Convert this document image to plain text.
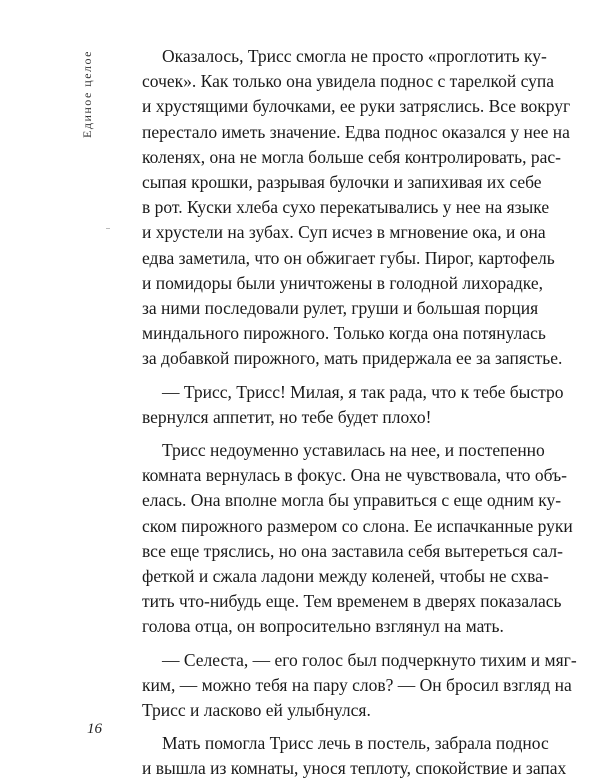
Единое целое	Оказалось, Трисс смогла не просто «проглотить ку-
сочек». Как только она увидела поднос с тарелкой супа
и хрустящими булочками, ее руки затряслись. Все вокруг
перестало иметь значение. Едва поднос оказался у нее на
коленях, она не могла больше себя контролировать, рас-
сыпая крошки, разрывая булочки и запихивая их себе
в рот. Куски хлеба сухо перекатывались у нее на языке
и хрустели на зубах. Суп исчез в мгновение ока, и она
едва заметила, что он обжигает губы. Пирог, картофель
и помидоры были уничтожены в голодной лихорадке,
за ними последовали рулет, груши и большая порция
миндального пирожного. Только когда она потянулась
за добавкой пирожного, мать придержала ее за запястье.
— Трисс, Трисс! Милая, я так рада, что к тебе быстро
вернулся аппетит, но тебе будет плохо!
Трисс недоуменно уставилась на нее, и постепенно
комната вернулась в фокус. Она не чувствовала, что объ-
елась. Она вполне могла бы управиться с еще одним ку-
ском пирожного размером со слона. Ее испачканные руки
все еще тряслись, но она заставила себя вытереться сал-
феткой и сжала ладони между коленей, чтобы не схва-
тить что-нибудь еще. Тем временем в дверях показалась
голова отца, он вопросительно взглянул на мать.
— Селеста, — его голос был подчеркнуто тихим и мяг-
ким, — можно тебя на пару слов? — Он бросил взгляд на
Трисс и ласково ей улыбнулся.
Мать помогла Трисс лечь в постель, забрала поднос
и вышла из комнаты, унося теплоту, спокойствие и запах
16
